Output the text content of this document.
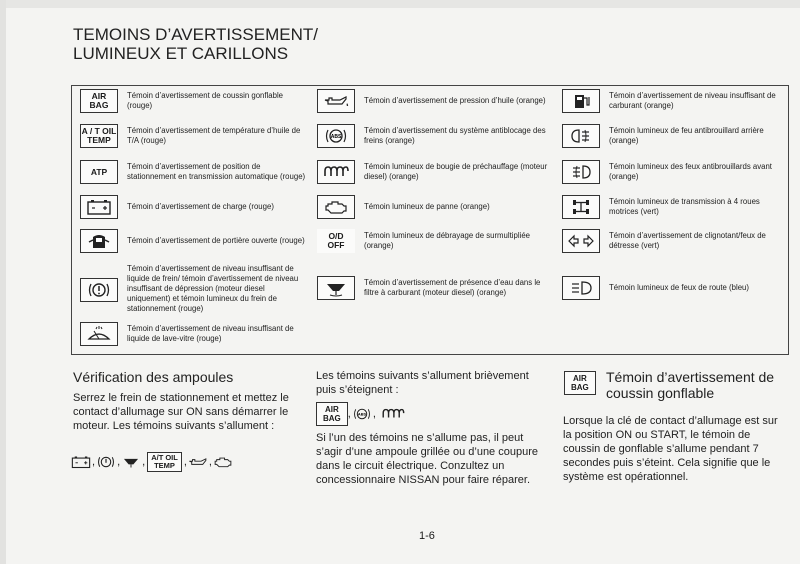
TEMOINS D’AVERTISSEMENT/
LUMINEUX ET CARILLONS
AIR
BAG
Témoin d’avertissement de coussin gonflable (rouge)
A / T OIL
TEMP
Témoin d’avertissement de température d’huile de T/A (rouge)
ATP	Témoin d’avertissement de position de stationnement en transmission automatique (rouge)
Témoin d’avertissement de charge (rouge)
Témoin d’avertissement de portière ouverte (rouge)
Témoin d’avertissement de niveau insuffisant de liquide de frein/ témoin d’avertissement de niveau insuffisant de dépression (moteur diesel uniquement) et témoin lumineux du frein de stationnement (rouge)
Témoin d’avertissement de niveau insuffisant de liquide de lave-vitre (rouge)
Témoin d’avertissement de pression d’huile (orange)
ABS
Témoin d’avertissement du système antiblocage des freins (orange)
Témoin lumineux de bougie de préchauffage (moteur diesel) (orange)
Témoin lumineux de panne (orange)
O/D
OFF
Témoin lumineux de débrayage de surmultipliée (orange)
Témoin d’avertissement de présence d’eau dans le filtre à carburant (moteur diesel) (orange)
Témoin d’avertissement de niveau insuffisant de carburant (orange)
Témoin lumineux de feu antibrouillard arrière (orange)
Témoin lumineux des feux antibrouillards avant (orange)
Témoin lumineux de transmission à 4 roues motrices (vert)
Témoin d’avertissement de clignotant/feux de détresse (vert)
Témoin lumineux de feux de route (bleu)
Vérification des ampoules
Serrez le frein de stationnement et mettez le contact d’allumage sur ON sans démarrer le moteur. Les témoins suivants s’allument :
,
,
, A/T OIL
TEMP ,
,
Les témoins suivants s’allument brièvement puis s’éteignent :
AIR
BAG , ABS ,
Si l’un des témoins ne s’allume pas, il peut s’agir d’une ampoule grillée ou d’une coupure dans le circuit électrique. Conzultez un concessionnaire NISSAN pour faire réparer.
AIR
BAG
Témoin d’avertissement de coussin gonflable
Lorsque la clé de contact d’allumage est sur la position ON ou START, le témoin de coussin de gonflable s’allume pendant 7 secondes puis s’éteint. Cela signifie que le système est opérationnel.
1-6
